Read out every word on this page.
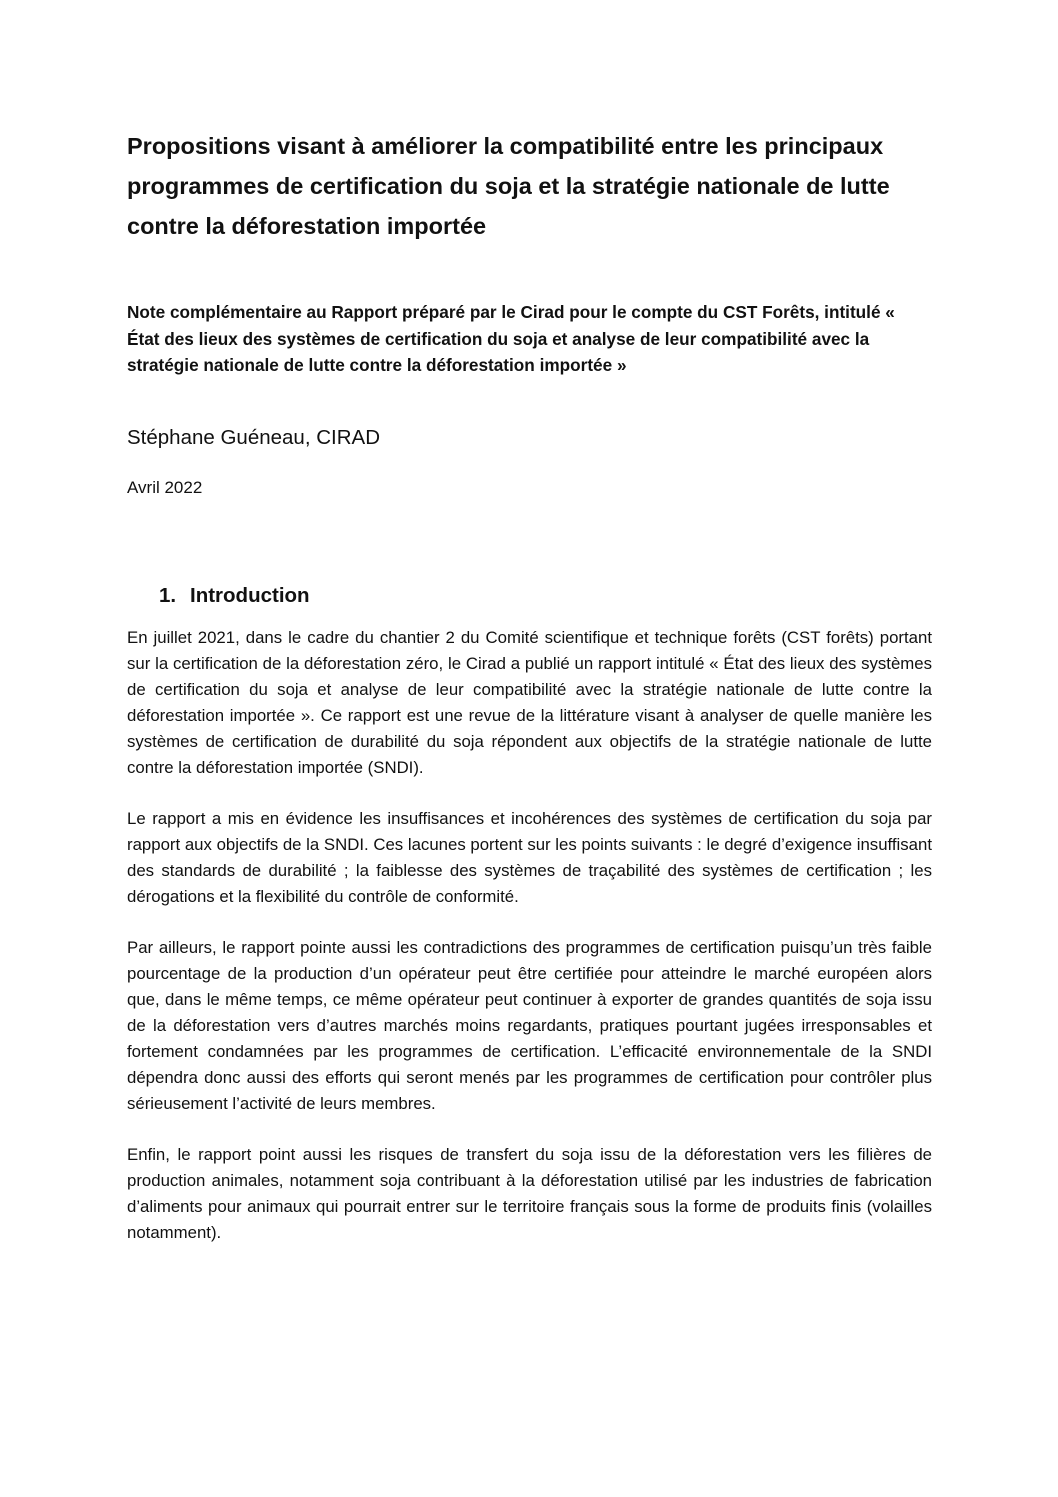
Propositions visant à améliorer la compatibilité entre les principaux programmes de certification du soja et la stratégie nationale de lutte contre la déforestation importée

Note complémentaire au Rapport préparé par le Cirad pour le compte du CST Forêts, intitulé « État des lieux des systèmes de certification du soja et analyse de leur compatibilité avec la stratégie nationale de lutte contre la déforestation importée »

Stéphane Guéneau, CIRAD

Avril 2022

1. Introduction

En juillet 2021, dans le cadre du chantier 2 du Comité scientifique et technique forêts (CST forêts) portant sur la certification de la déforestation zéro, le Cirad a publié un rapport intitulé « État des lieux des systèmes de certification du soja et analyse de leur compatibilité avec la stratégie nationale de lutte contre la déforestation importée ». Ce rapport est une revue de la littérature visant à analyser de quelle manière les systèmes de certification de durabilité du soja répondent aux objectifs de la stratégie nationale de lutte contre la déforestation importée (SNDI).

Le rapport a mis en évidence les insuffisances et incohérences des systèmes de certification du soja par rapport aux objectifs de la SNDI. Ces lacunes portent sur les points suivants : le degré d’exigence insuffisant des standards de durabilité ; la faiblesse des systèmes de traçabilité des systèmes de certification ; les dérogations et la flexibilité du contrôle de conformité.

Par ailleurs, le rapport pointe aussi les contradictions des programmes de certification puisqu’un très faible pourcentage de la production d’un opérateur peut être certifiée pour atteindre le marché européen alors que, dans le même temps, ce même opérateur peut continuer à exporter de grandes quantités de soja issu de la déforestation vers d’autres marchés moins regardants, pratiques pourtant jugées irresponsables et fortement condamnées par les programmes de certification. L’efficacité environnementale de la SNDI dépendra donc aussi des efforts qui seront menés par les programmes de certification pour contrôler plus sérieusement l’activité de leurs membres.

Enfin, le rapport point aussi les risques de transfert du soja issu de la déforestation vers les filières de production animales, notamment soja contribuant à la déforestation utilisé par les industries de fabrication d’aliments pour animaux qui pourrait entrer sur le territoire français sous la forme de produits finis (volailles notamment).
